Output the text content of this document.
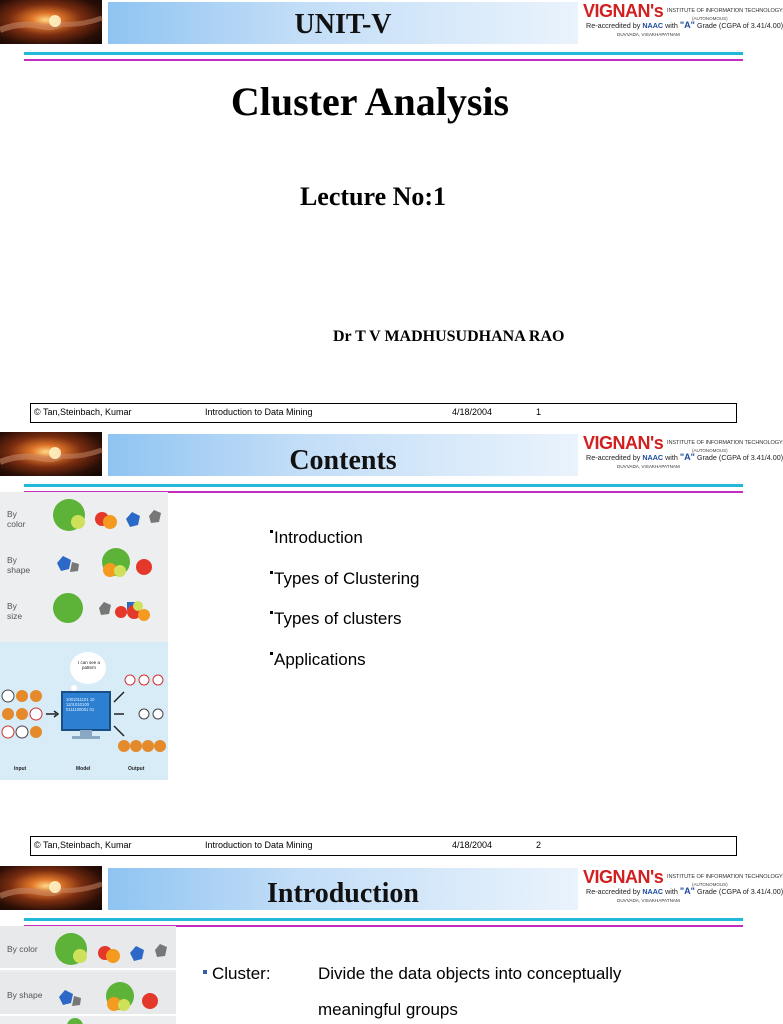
UNIT-V	VIGNAN's INSTITUTE OF INFORMATION TECHNOLOGY
(AUTONOMOUS)
Re-accredited by NAAC with "A" Grade (CGPA of 3.41/4.00)
DUVVADA, VISAKHAPATNAM
Cluster Analysis
Lecture No:1
Dr T V MADHUSUDHANA RAO
© Tan,Steinbach, Kumar	Introduction to Data Mining	4/18/2004	1
Contents
VIGNAN's INSTITUTE OF INFORMATION TECHNOLOGY
(AUTONOMOUS)
Re-accredited by NAAC with "A" Grade (CGPA of 3.41/4.00)
DUVVADA, VISAKHAPATNAM
By color
By shape
By size
I can see a pattern
1001011101 10
1101010100
0111100001 01
Input	Model	Output
Introduction
Types of Clustering
Types of clusters
Applications
© Tan,Steinbach, Kumar	Introduction to Data Mining	4/18/2004	2
Introduction
VIGNAN's INSTITUTE OF INFORMATION TECHNOLOGY
(AUTONOMOUS)
Re-accredited by NAAC with "A" Grade (CGPA of 3.41/4.00)
DUVVADA, VISAKHAPATNAM
By color
By shape
Cluster:	Divide the data objects into conceptually
meaningful groups
